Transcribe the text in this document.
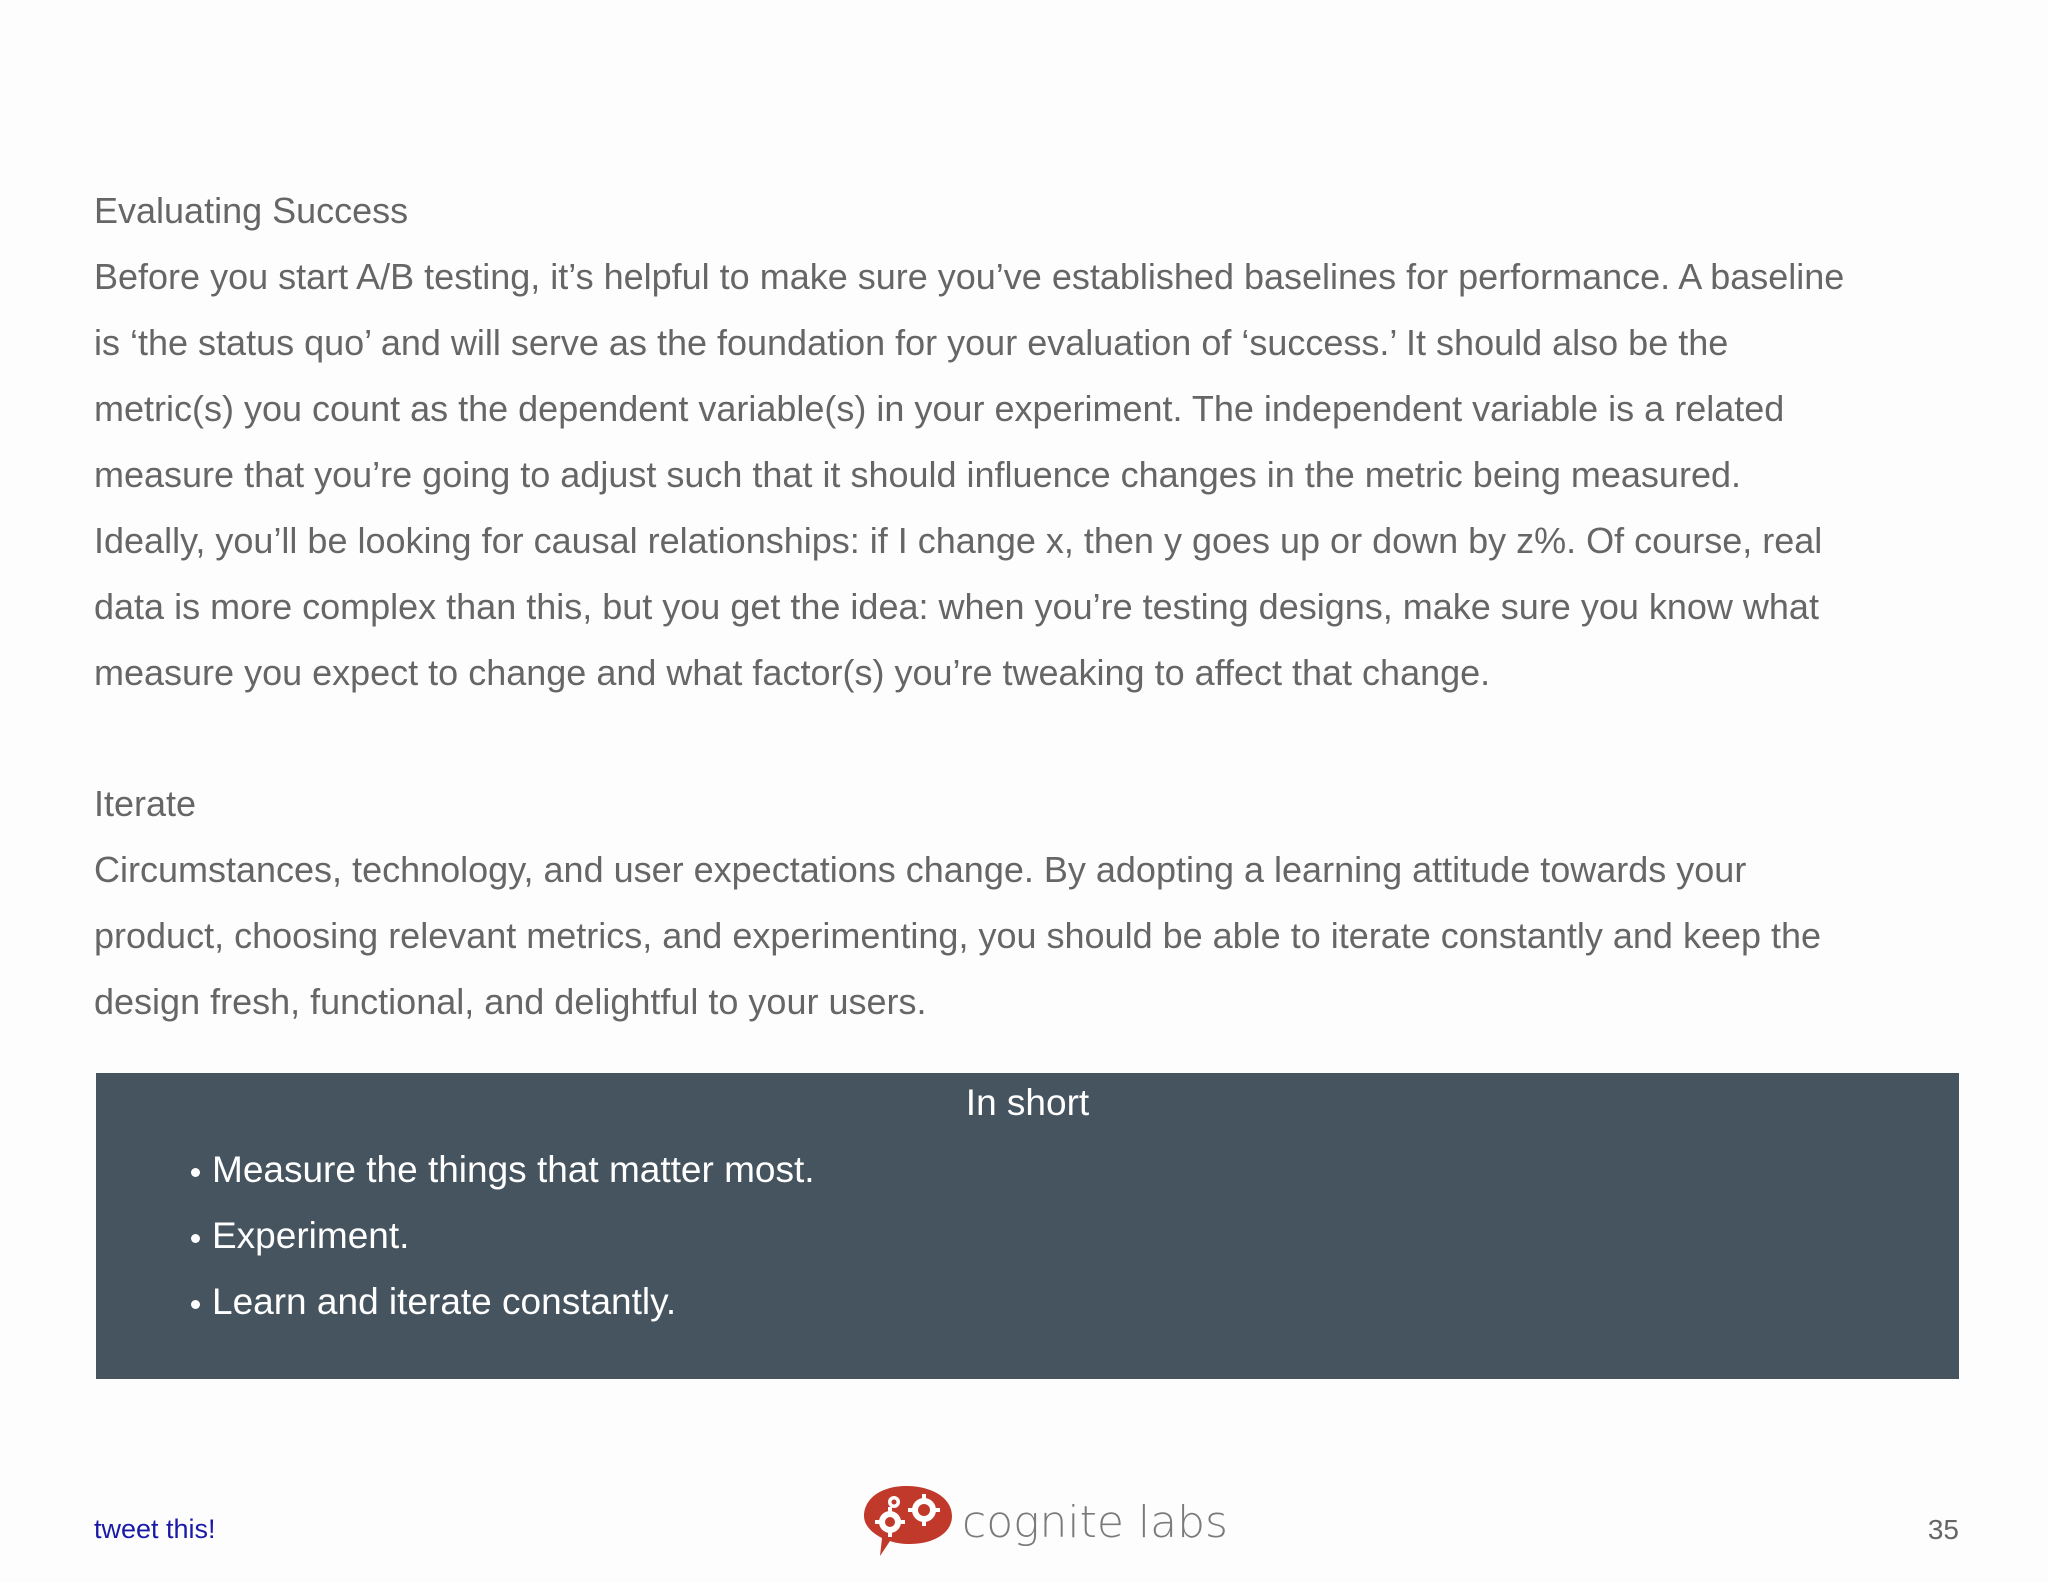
Evaluating Success

Before you start A/B testing, it’s helpful to make sure you’ve established baselines for performance. A baseline

is ‘the status quo’ and will serve as the foundation for your evaluation of ‘success.’ It should also be the

metric(s) you count as the dependent variable(s) in your experiment. The independent variable is a related

measure that you’re going to adjust such that it should influence changes in the metric being measured.

Ideally, you’ll be looking for causal relationships: if I change x, then y goes up or down by z%. Of course, real

data is more complex than this, but you get the idea: when you’re testing designs, make sure you know what

measure you expect to change and what factor(s) you’re tweaking to affect that change.

Iterate

Circumstances, technology, and user expectations change. By adopting a learning attitude towards your

product, choosing relevant metrics, and experimenting, you should be able to iterate constantly and keep the

design fresh, functional, and delightful to your users.

In short
Measure the things that matter most.
Experiment.
Learn and iterate constantly.
tweet this!	cognite labs	35
